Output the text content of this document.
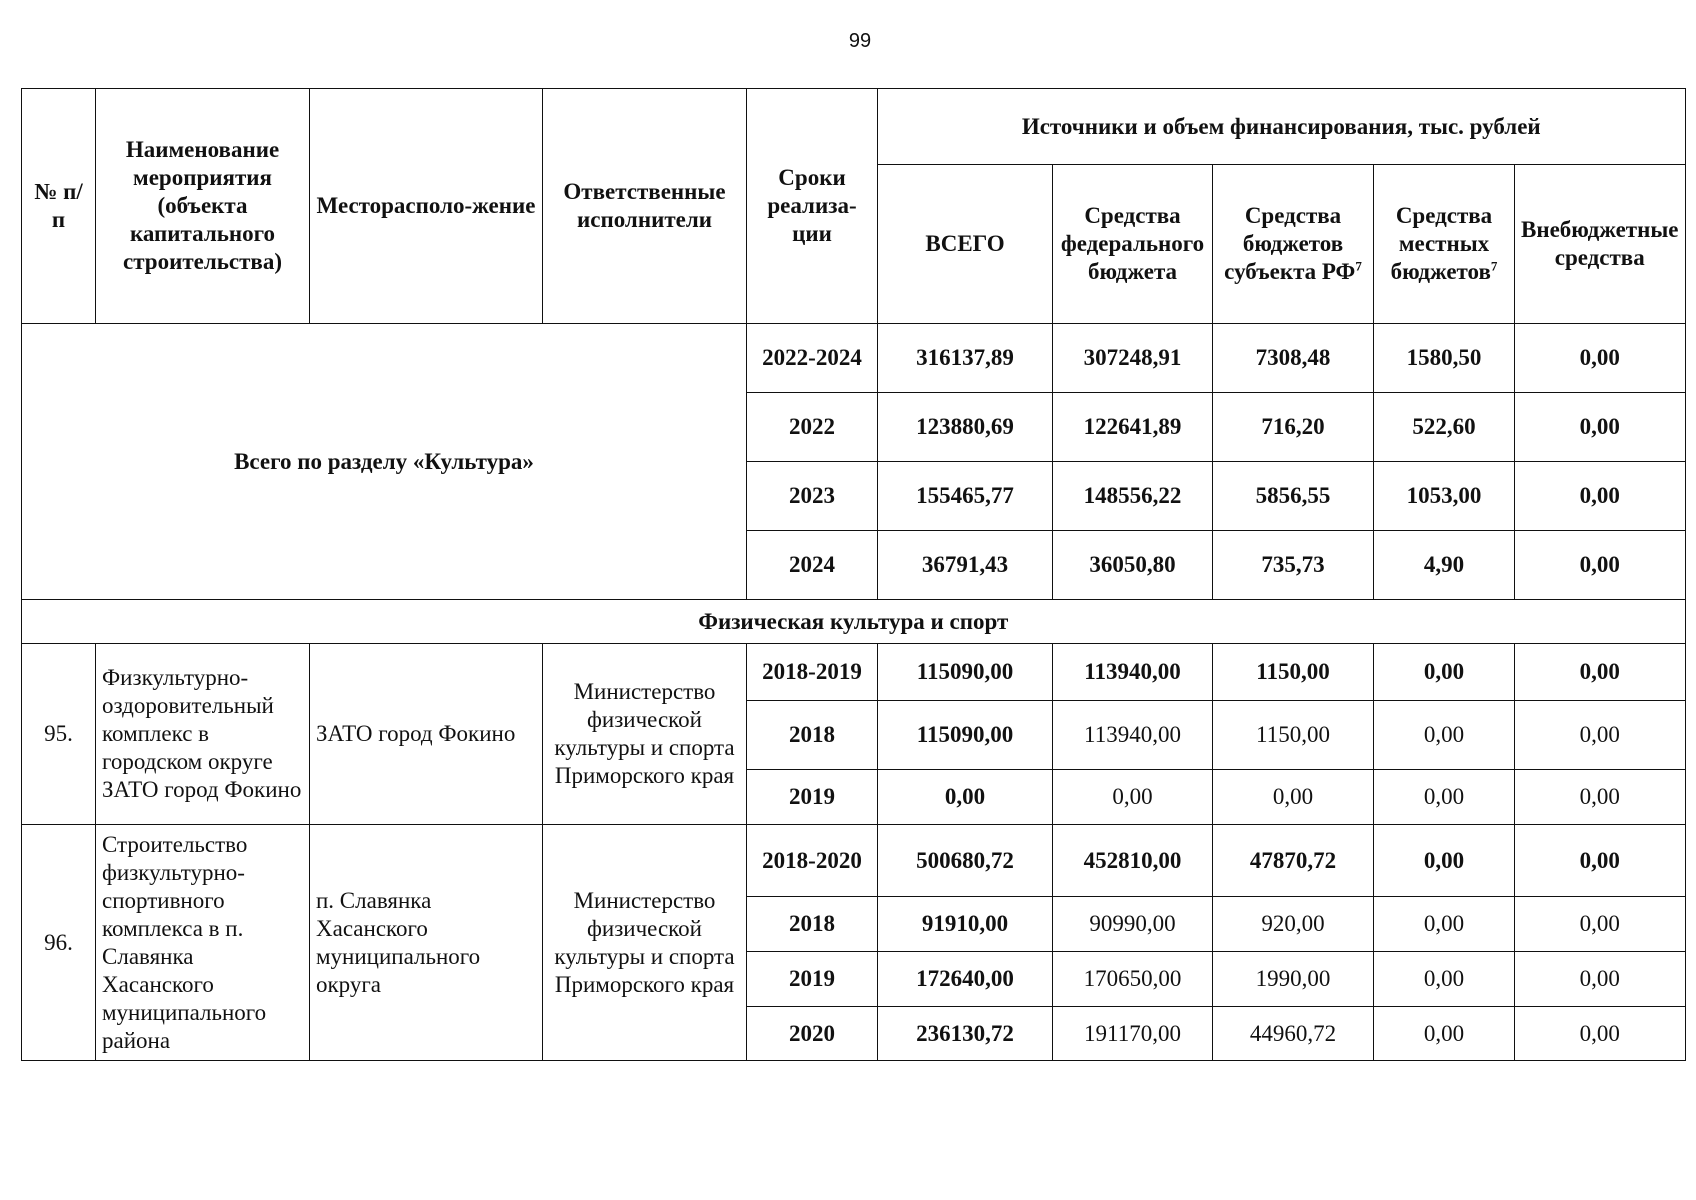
99
№ п/п	Наименование мероприятия (объекта капитального строительства)	Месторасполо-жение	Ответственные исполнители	Сроки реализа-ции	Источники и объем финансирования, тыс. рублей				
					ВСЕГО	Средства федерального бюджета	Средства бюджетов субъекта $РФ^7$	Средства местных бюджетов$^7$	Внебюджетные средства
Всего по разделу «Культура»				2022-2024	316137,89	307248,91	7308,48	1580,50	0,00
				2022	123880,69	122641,89	716,20	522,60	0,00
				2023	155465,77	148556,22	5856,55	1053,00	0,00
				2024	36791,43	36050,80	735,73	4,90	0,00
Физическая культура и спорт									
95.	Физкультурно-оздоровительный комплекс в городском округе ЗАТО город Фокино	ЗАТО город Фокино	Министерство физической культуры и спорта Приморского края	2018-2019	115090,00	113940,00	1150,00	0,00	0,00
				2018	115090,00	113940,00	1150,00	0,00	0,00
				2019	0,00	0,00	0,00	0,00	0,00
96.	Строительство физкультурно-спортивного комплекса в п. Славянка Хасанского муниципального района	п. Славянка Хасанского муниципального округа	Министерство физической культуры и спорта Приморского края	2018-2020	500680,72	452810,00	47870,72	0,00	0,00
				2018	91910,00	90990,00	920,00	0,00	0,00
				2019	172640,00	170650,00	1990,00	0,00	0,00
				2020	236130,72	191170,00	44960,72	0,00	0,00
